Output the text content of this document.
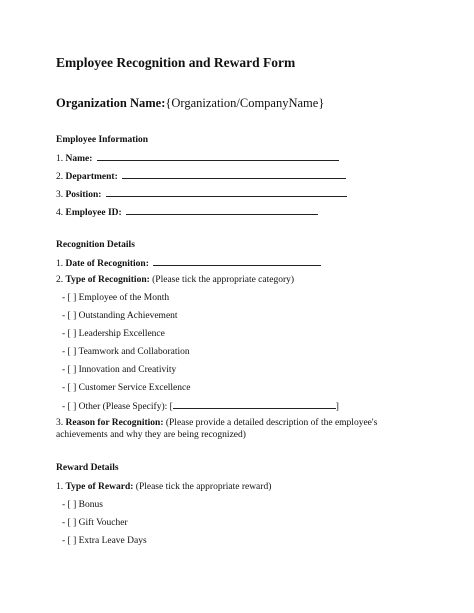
Employee Recognition and Reward Form
Organization Name:{Organization/CompanyName}
Employee Information
1. Name:
2. Department:
3. Position:
4. Employee ID:
Recognition Details
1. Date of Recognition:
2. Type of Recognition: (Please tick the appropriate category)
- [ ] Employee of the Month
- [ ] Outstanding Achievement
- [ ] Leadership Excellence
- [ ] Teamwork and Collaboration
- [ ] Innovation and Creativity
- [ ] Customer Service Excellence
- [ ] Other (Please Specify): [	]
3. Reason for Recognition: (Please provide a detailed description of the employee's achievements and why they are being recognized)
Reward Details
1. Type of Reward: (Please tick the appropriate reward)
- [ ] Bonus
- [ ] Gift Voucher
- [ ] Extra Leave Days
